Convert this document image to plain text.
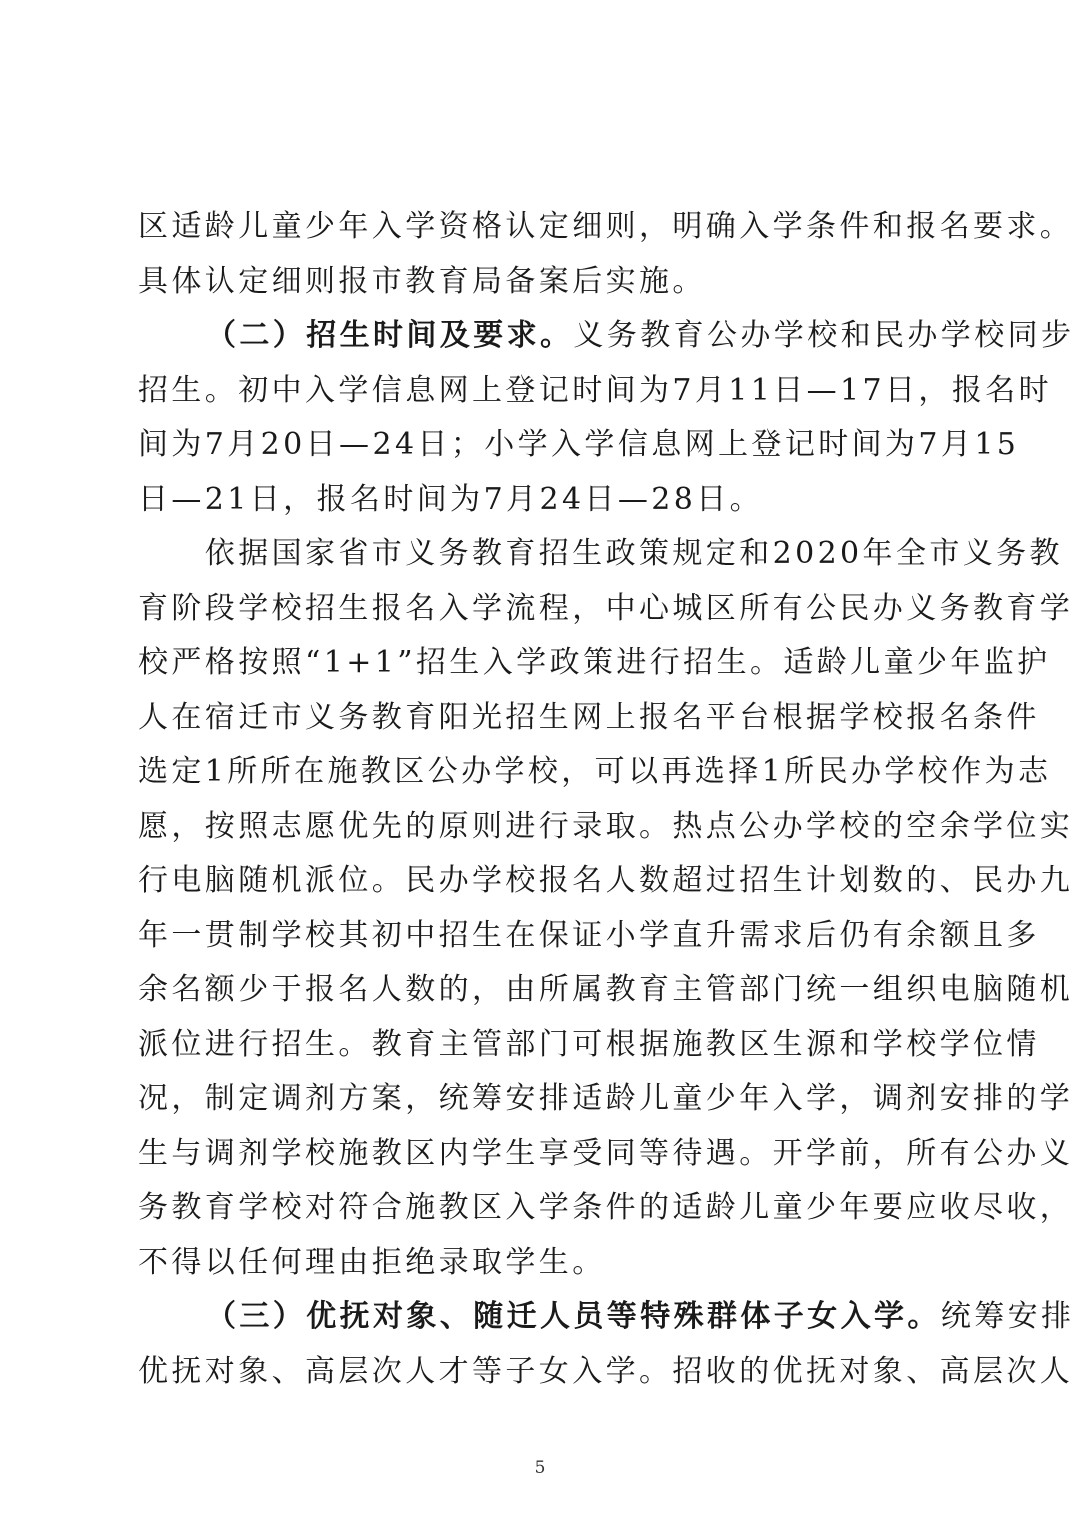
区适龄儿童少年入学资格认定细则，明确入学条件和报名要求。
具体认定细则报市教育局备案后实施。
（二）招生时间及要求。义务教育公办学校和民办学校同步
招生。初中入学信息网上登记时间为7月11日—17日，报名时
间为7月20日—24日；小学入学信息网上登记时间为7月15
日—21日，报名时间为7月24日—28日。
　　依据国家省市义务教育招生政策规定和2020年全市义务教
育阶段学校招生报名入学流程，中心城区所有公民办义务教育学
校严格按照“1+1”招生入学政策进行招生。适龄儿童少年监护
人在宿迁市义务教育阳光招生网上报名平台根据学校报名条件
选定1所所在施教区公办学校，可以再选择1所民办学校作为志
愿，按照志愿优先的原则进行录取。热点公办学校的空余学位实
行电脑随机派位。民办学校报名人数超过招生计划数的、民办九
年一贯制学校其初中招生在保证小学直升需求后仍有余额且多
余名额少于报名人数的，由所属教育主管部门统一组织电脑随机
派位进行招生。教育主管部门可根据施教区生源和学校学位情
况，制定调剂方案，统筹安排适龄儿童少年入学，调剂安排的学
生与调剂学校施教区内学生享受同等待遇。开学前，所有公办义
务教育学校对符合施教区入学条件的适龄儿童少年要应收尽收，
不得以任何理由拒绝录取学生。
（三）优抚对象、随迁人员等特殊群体子女入学。统筹安排
优抚对象、高层次人才等子女入学。招收的优抚对象、高层次人
5
